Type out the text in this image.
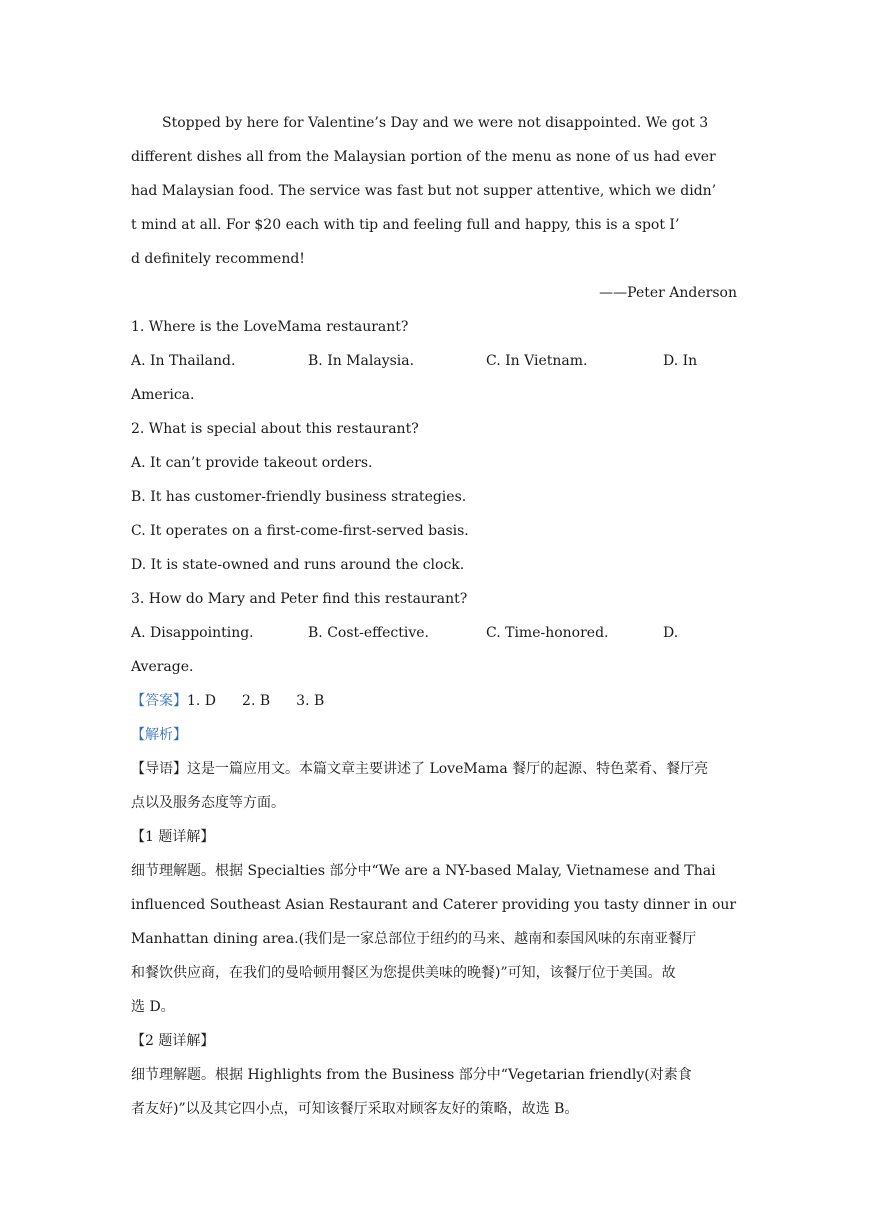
Stopped by here for Valentine’s Day and we were not disappointed. We got 3
different dishes all from the Malaysian portion of the menu as none of us had ever
had Malaysian food. The service was fast but not supper attentive, which we didn’
t mind at all. For $20 each with tip and feeling full and happy, this is a spot I’
d definitely recommend!
——Peter Anderson
1. Where is the LoveMama restaurant?
A. In Thailand.	B. In Malaysia.	C. In Vietnam.	D. In
America.
2. What is special about this restaurant?
A. It can’t provide takeout orders.
B. It has customer-friendly business strategies.
C. It operates on a first-come-first-served basis.
D. It is state-owned and runs around the clock.
3. How do Mary and Peter find this restaurant?
A. Disappointing.	B. Cost-effective.	C. Time-honored.	D.
Average.
【答案】1. D 2. B 3. B
【解析】
【导语】这是一篇应用文。本篇文章主要讲述了 LoveMama 餐厅的起源、特色菜肴、餐厅亮
点以及服务态度等方面。
【1 题详解】
细节理解题。根据 Specialties 部分中“We are a NY-based Malay, Vietnamese and Thai
influenced Southeast Asian Restaurant and Caterer providing you tasty dinner in our
Manhattan dining area.(我们是一家总部位于纽约的马来、越南和泰国风味的东南亚餐厅
和餐饮供应商，在我们的曼哈顿用餐区为您提供美味的晚餐)”可知，该餐厅位于美国。故
选 D。
【2 题详解】
细节理解题。根据 Highlights from the Business 部分中“Vegetarian friendly(对素食
者友好)”以及其它四小点，可知该餐厅采取对顾客友好的策略，故选 B。
